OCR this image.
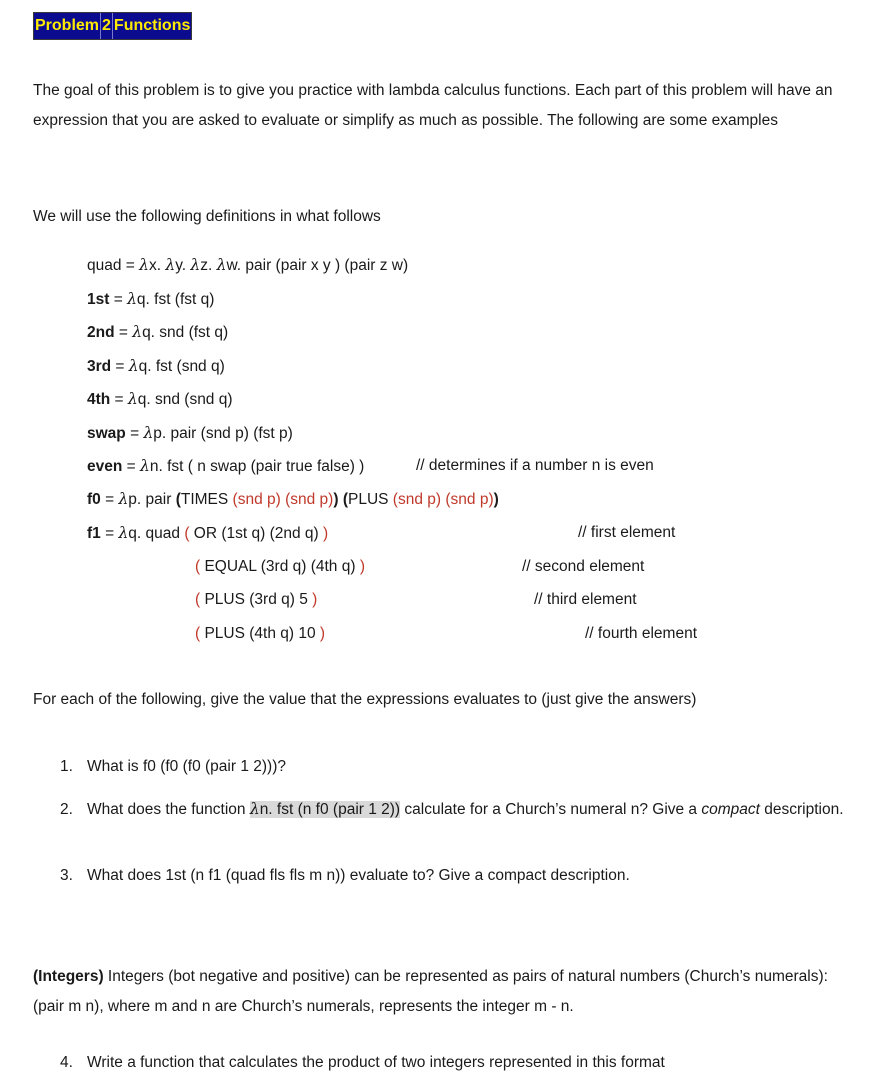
Problem 2 Functions
The goal of this problem is to give you practice with lambda calculus functions. Each part of this problem will have an expression that you are asked to evaluate or simplify as much as possible. The following are some examples
We will use the following definitions in what follows
quad = λx. λy. λz. λw. pair (pair x y ) (pair z w)
1st = λq. fst (fst q)
2nd = λq. snd (fst q)
3rd = λq. fst (snd q)
4th = λq. snd (snd q)
swap = λp. pair (snd p) (fst p)
even = λn. fst ( n swap (pair true false) )	// determines if a number n is even
f0 = λp. pair (TIMES (snd p) (snd p)) (PLUS (snd p) (snd p))
f1 = λq. quad ( OR (1st q) (2nd q) )	// first element
( EQUAL (3rd q) (4th q) )	// second element
( PLUS (3rd q) 5 )	// third element
( PLUS (4th q) 10 )	// fourth element
For each of the following, give the value that the expressions evaluates to (just give the answers)
1. What is f0 (f0 (f0 (pair 1 2)))?
2. What does the function λn. fst (n f0 (pair 1 2)) calculate for a Church’s numeral n? Give a compact description.
3. What does 1st (n f1 (quad fls fls m n)) evaluate to? Give a compact description.
(Integers) Integers (bot negative and positive) can be represented as pairs of natural numbers (Church’s numerals): (pair m n), where m and n are Church’s numerals, represents the integer m - n.
4. Write a function that calculates the product of two integers represented in this format
